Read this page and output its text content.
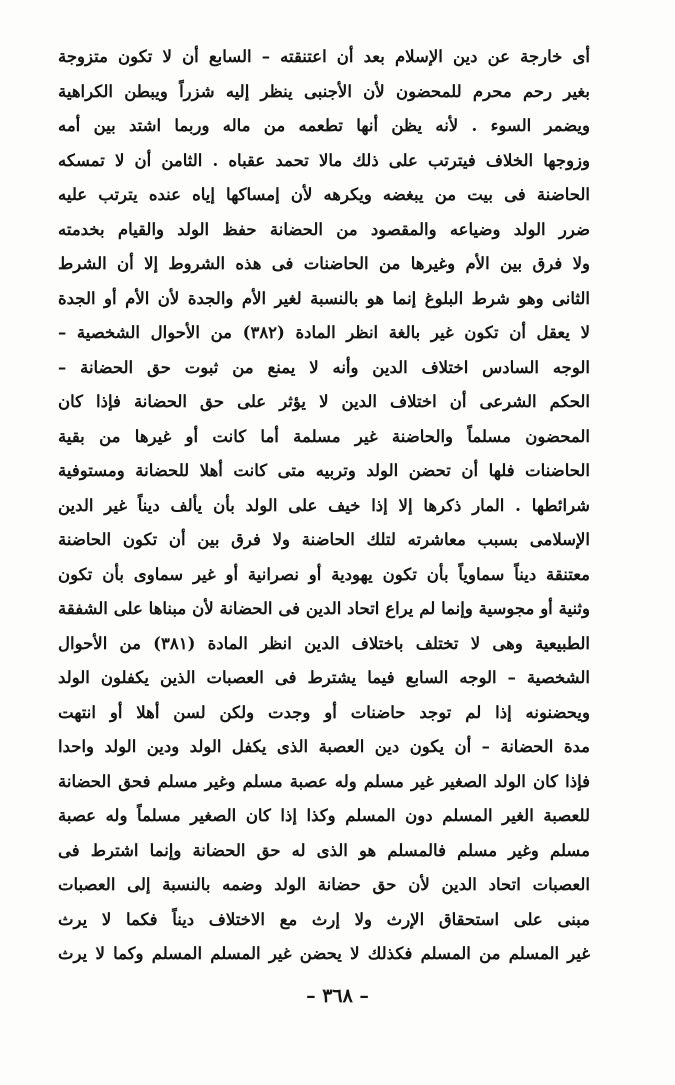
أى خارجة عن دين الإسلام بعد أن اعتنقته – السابع أن لا تكون متزوجة
بغير رحم محرم للمحضون لأن الأجنبى ينظر إليه شزراً ويبطن الكراهية
ويضمر السوء . لأنه يظن أنها تطعمه من ماله وربما اشتد بين أمه
وزوجها الخلاف فيترتب على ذلك مالا تحمد عقباه . الثامن أن لا تمسكه
الحاضنة فى بيت من يبغضه ويكرهه لأن إمساكها إياه عنده يترتب عليه
ضرر الولد وضياعه والمقصود من الحضانة حفظ الولد والقيام بخدمته
ولا فرق بين الأم وغيرها من الحاضنات فى هذه الشروط إلا أن الشرط
الثانى وهو شرط البلوغ إنما هو بالنسبة لغير الأم والجدة لأن الأم أو الجدة
لا يعقل أن تكون غير بالغة انظر المادة (٣٨٢) من الأحوال الشخصية –
الوجه السادس اختلاف الدين وأنه لا يمنع من ثبوت حق الحضانة –
الحكم الشرعى أن اختلاف الدين لا يؤثر على حق الحضانة فإذا كان
المحضون مسلماً والحاضنة غير مسلمة أما كانت أو غيرها من بقية
الحاضنات فلها أن تحضن الولد وتربيه متى كانت أهلا للحضانة ومستوفية
شرائطها . المار ذكرها إلا إذا خيف على الولد بأن يألف ديناً غير الدين
الإسلامى بسبب معاشرته لتلك الحاضنة ولا فرق بين أن تكون الحاضنة
معتنقة ديناً سماوياً بأن تكون يهودية أو نصرانية أو غير سماوى بأن تكون
وثنية أو مجوسية وإنما لم يراع اتحاد الدين فى الحضانة لأن مبناها على الشفقة
الطبيعية وهى لا تختلف باختلاف الدين انظر المادة (٣٨١) من الأحوال
الشخصية – الوجه السابع فيما يشترط فى العصبات الذين يكفلون الولد
ويحضنونه إذا لم توجد حاضنات أو وجدت ولكن لسن أهلا أو انتهت
مدة الحضانة – أن يكون دين العصبة الذى يكفل الولد ودين الولد واحدا
فإذا كان الولد الصغير غير مسلم وله عصبة مسلم وغير مسلم فحق الحضانة
للعصبة الغير المسلم دون المسلم وكذا إذا كان الصغير مسلماً وله عصبة
مسلم وغير مسلم فالمسلم هو الذى له حق الحضانة وإنما اشترط فى
العصبات اتحاد الدين لأن حق حضانة الولد وضمه بالنسبة إلى العصبات
مبنى على استحقاق الإرث ولا إرث مع الاختلاف ديناً فكما لا يرث
غير المسلم من المسلم فكذلك لا يحضن غير المسلم المسلم وكما لا يرث
– ٣٦٨ –
